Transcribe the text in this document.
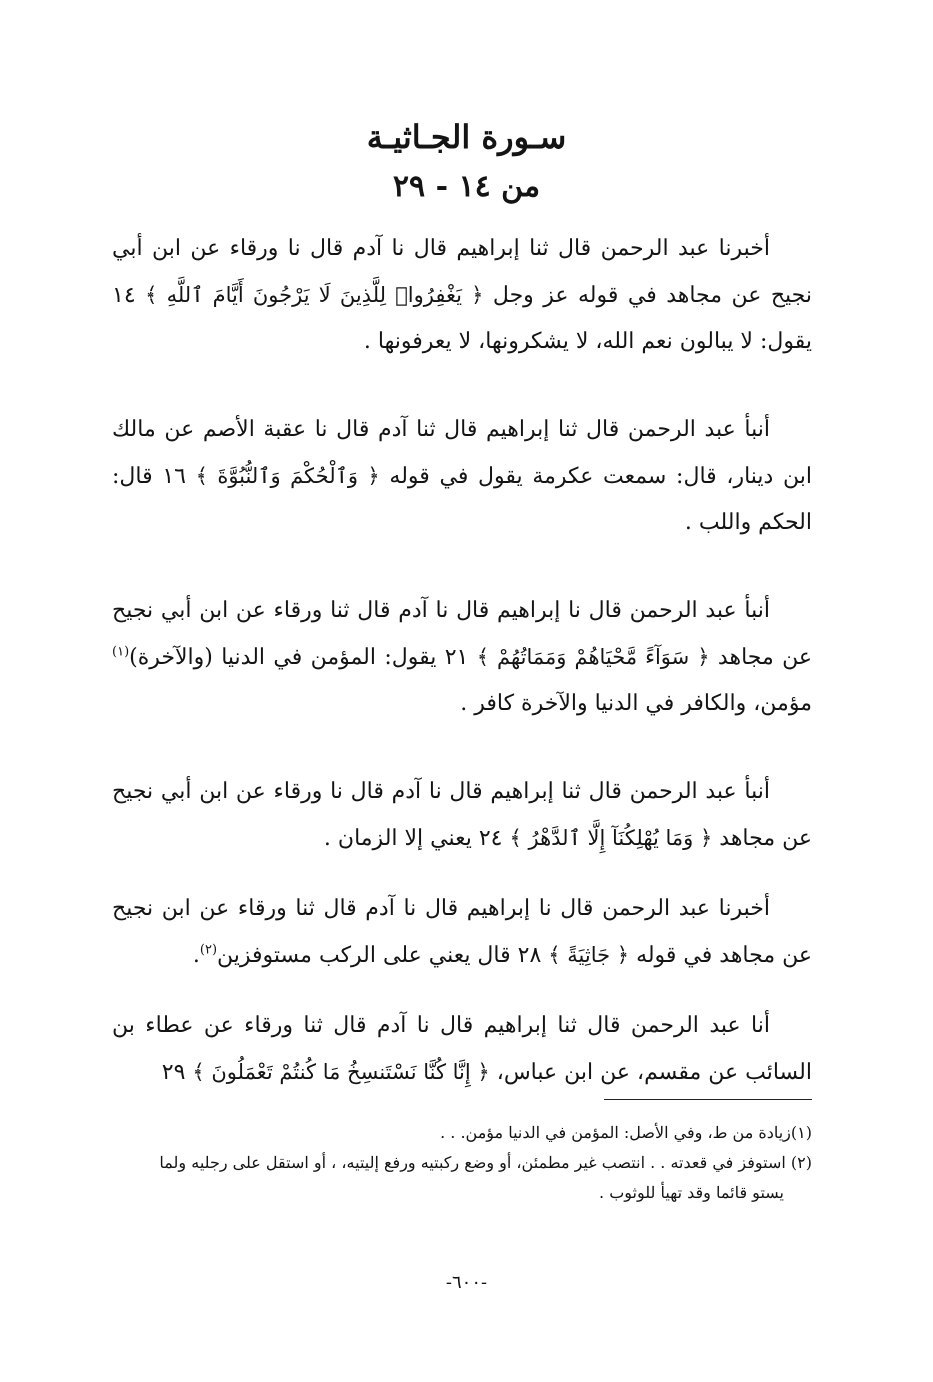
سـورة الجـاثيـة
من ١٤ - ٢٩

أخبرنا عبد الرحمن قال ثنا إبراهيم قال نا آدم قال نا ورقاء عن ابن أبي نجيح عن مجاهد في قوله عز وجل ﴿ يَغْفِرُوا۟ لِلَّذِينَ لَا يَرْجُونَ أَيَّامَ ٱللَّهِ ﴾ ١٤ يقول: لا يبالون نعم الله، لا يشكرونها، لا يعرفونها .

أنبأ عبد الرحمن قال ثنا إبراهيم قال ثنا آدم قال نا عقبة الأصم عن مالك ابن دينار، قال: سمعت عكرمة يقول في قوله ﴿ وَٱلْحُكْمَ وَٱلنُّبُوَّةَ ﴾ ١٦ قال: الحكم واللب .

أنبأ عبد الرحمن قال نا إبراهيم قال نا آدم قال ثنا ورقاء عن ابن أبي نجيح عن مجاهد ﴿ سَوَآءً مَّحْيَاهُمْ وَمَمَاتُهُمْ ﴾ ٢١ يقول: المؤمن في الدنيا (والآخرة)$^{(١)}$ مؤمن، والكافر في الدنيا والآخرة كافر .

أنبأ عبد الرحمن قال ثنا إبراهيم قال نا آدم قال نا ورقاء عن ابن أبي نجيح عن مجاهد ﴿ وَمَا يُهْلِكُنَآ إِلَّا ٱلدَّهْرُ ﴾ ٢٤ يعني إلا الزمان .

أخبرنا عبد الرحمن قال نا إبراهيم قال نا آدم قال ثنا ورقاء عن ابن نجيح عن مجاهد في قوله ﴿ جَاثِيَةً ﴾ ٢٨ قال يعني على الركب مستوفزين$^{(٢)}$.

أنا عبد الرحمن قال ثنا إبراهيم قال نا آدم قال ثنا ورقاء عن عطاء بن السائب عن مقسم، عن ابن عباس، ﴿ إِنَّا كُنَّا نَسْتَنسِخُ مَا كُنتُمْ تَعْمَلُونَ ﴾ ٢٩

(١)زيادة من ط، وفي الأصل: المؤمن في الدنيا مؤمن. . .

(٢) استوفز في قعدته . . انتصب غير مطمئن، أو وضع ركبتيه ورفع إليتيه، ، أو استقل على رجليه ولما
يستو قائما وقد تهيأ للوثوب .

-٦٠٠-
